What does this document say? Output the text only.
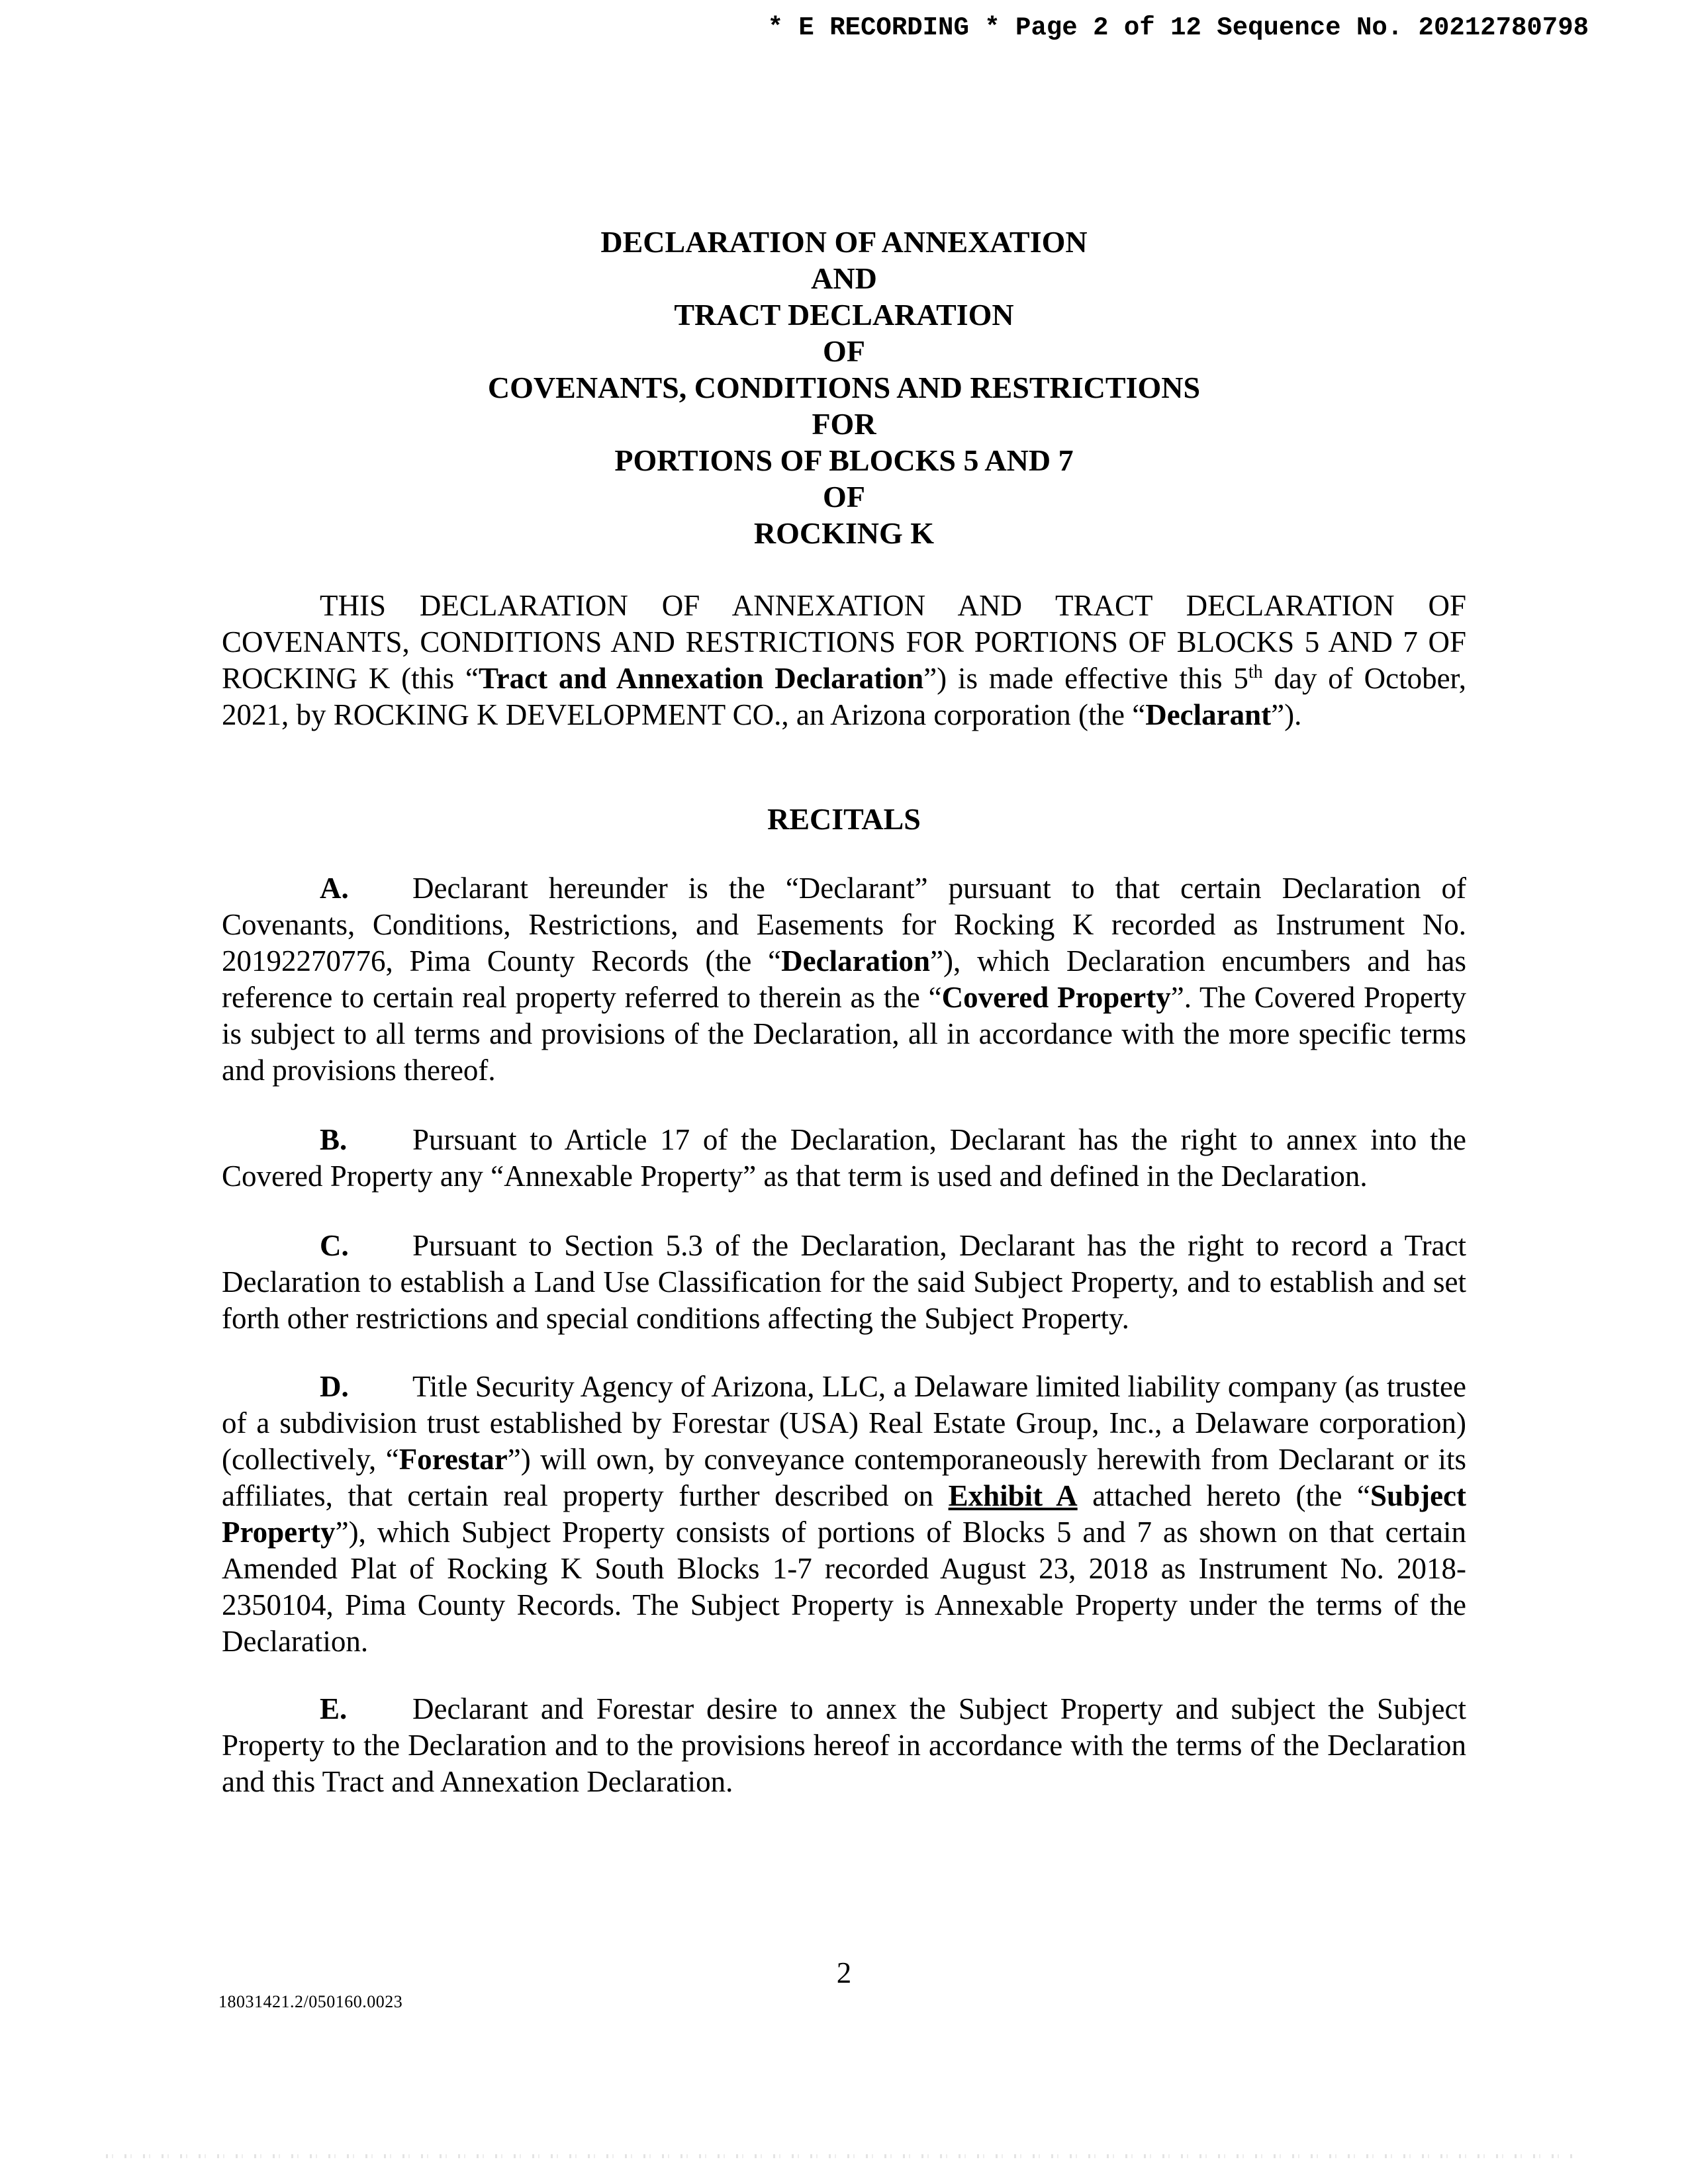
* E RECORDING * Page 2 of 12 Sequence No. 20212780798
DECLARATION OF ANNEXATION
AND
TRACT DECLARATION
OF
COVENANTS, CONDITIONS AND RESTRICTIONS
FOR
PORTIONS OF BLOCKS 5 AND 7
OF
ROCKING K

THIS DECLARATION OF ANNEXATION AND TRACT DECLARATION OF COVENANTS, CONDITIONS AND RESTRICTIONS FOR PORTIONS OF BLOCKS 5 AND 7 OF ROCKING K (this “Tract and Annexation Declaration”) is made effective this 5th day of October, 2021, by ROCKING K DEVELOPMENT CO., an Arizona corporation (the “Declarant”).

RECITALS

A. Declarant hereunder is the “Declarant” pursuant to that certain Declaration of Covenants, Conditions, Restrictions, and Easements for Rocking K recorded as Instrument No. 20192270776, Pima County Records (the “Declaration”), which Declaration encumbers and has reference to certain real property referred to therein as the “Covered Property”. The Covered Property is subject to all terms and provisions of the Declaration, all in accordance with the more specific terms and provisions thereof.

B. Pursuant to Article 17 of the Declaration, Declarant has the right to annex into the Covered Property any “Annexable Property” as that term is used and defined in the Declaration.

C. Pursuant to Section 5.3 of the Declaration, Declarant has the right to record a Tract Declaration to establish a Land Use Classification for the said Subject Property, and to establish and set forth other restrictions and special conditions affecting the Subject Property.

D. Title Security Agency of Arizona, LLC, a Delaware limited liability company (as trustee of a subdivision trust established by Forestar (USA) Real Estate Group, Inc., a Delaware corporation) (collectively, “Forestar”) will own, by conveyance contemporaneously herewith from Declarant or its affiliates, that certain real property further described on Exhibit A attached hereto (the “Subject Property”), which Subject Property consists of portions of Blocks 5 and 7 as shown on that certain Amended Plat of Rocking K South Blocks 1-7 recorded August 23, 2018 as Instrument No. 2018-2350104, Pima County Records. The Subject Property is Annexable Property under the terms of the Declaration.

E. Declarant and Forestar desire to annex the Subject Property and subject the Subject Property to the Declaration and to the provisions hereof in accordance with the terms of the Declaration and this Tract and Annexation Declaration.

2
18031421.2/050160.0023
